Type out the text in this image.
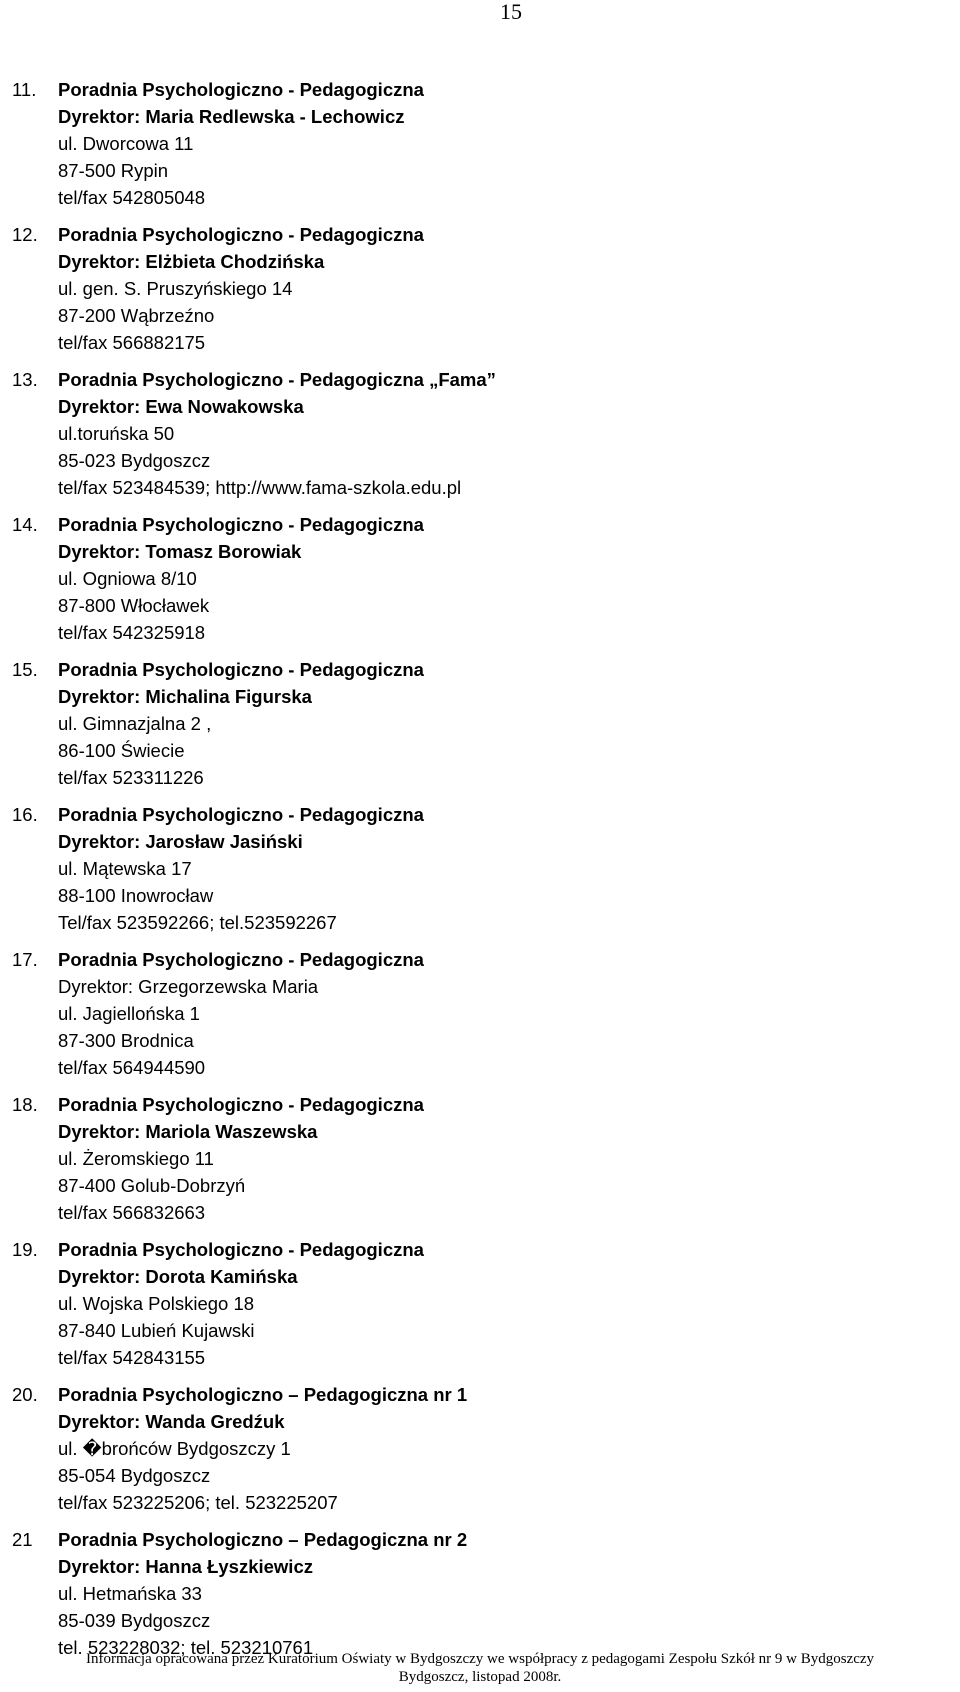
15
11. Poradnia Psychologiczno - Pedagogiczna
Dyrektor: Maria Redlewska - Lechowicz
ul. Dworcowa 11
87-500 Rypin
tel/fax 542805048
12. Poradnia Psychologiczno - Pedagogiczna
Dyrektor: Elżbieta Chodzińska
ul. gen. S. Pruszyńskiego 14
87-200 Wąbrzeźno
tel/fax 566882175
13. Poradnia Psychologiczno - Pedagogiczna „Fama”
Dyrektor: Ewa Nowakowska
ul.toruńska 50
85-023 Bydgoszcz
tel/fax 523484539; http://www.fama-szkola.edu.pl
14. Poradnia Psychologiczno - Pedagogiczna
Dyrektor: Tomasz Borowiak
ul. Ogniowa 8/10
87-800 Włocławek
tel/fax 542325918
15. Poradnia Psychologiczno - Pedagogiczna
Dyrektor: Michalina Figurska
ul. Gimnazjalna 2 ,
86-100 Świecie
tel/fax 523311226
16. Poradnia Psychologiczno - Pedagogiczna
Dyrektor: Jarosław Jasiński
ul. Mątewska 17
88-100 Inowrocław
Tel/fax 523592266; tel.523592267
17. Poradnia Psychologiczno - Pedagogiczna
Dyrektor: Grzegorzewska Maria
ul. Jagiellońska 1
87-300 Brodnica
tel/fax 564944590
18. Poradnia Psychologiczno - Pedagogiczna
Dyrektor: Mariola Waszewska
ul. Żeromskiego 11
87-400 Golub-Dobrzyń
tel/fax 566832663
19. Poradnia Psychologiczno - Pedagogiczna
Dyrektor: Dorota Kamińska
ul. Wojska Polskiego 18
87-840 Lubień Kujawski
tel/fax 542843155
20. Poradnia Psychologiczno – Pedagogiczna nr 1
Dyrektor: Wanda Gredźuk
ul. �brońców Bydgoszczy 1
85-054 Bydgoszcz
tel/fax 523225206; tel. 523225207
21 Poradnia Psychologiczno – Pedagogiczna nr 2
Dyrektor: Hanna Łyszkiewicz
ul. Hetmańska 33
85-039 Bydgoszcz
tel. 523228032; tel. 523210761
Informacja opracowana przez Kuratorium Oświaty w Bydgoszczy we współpracy z pedagogami Zespołu Szkół nr 9 w Bydgoszczy
Bydgoszcz, listopad 2008r.
